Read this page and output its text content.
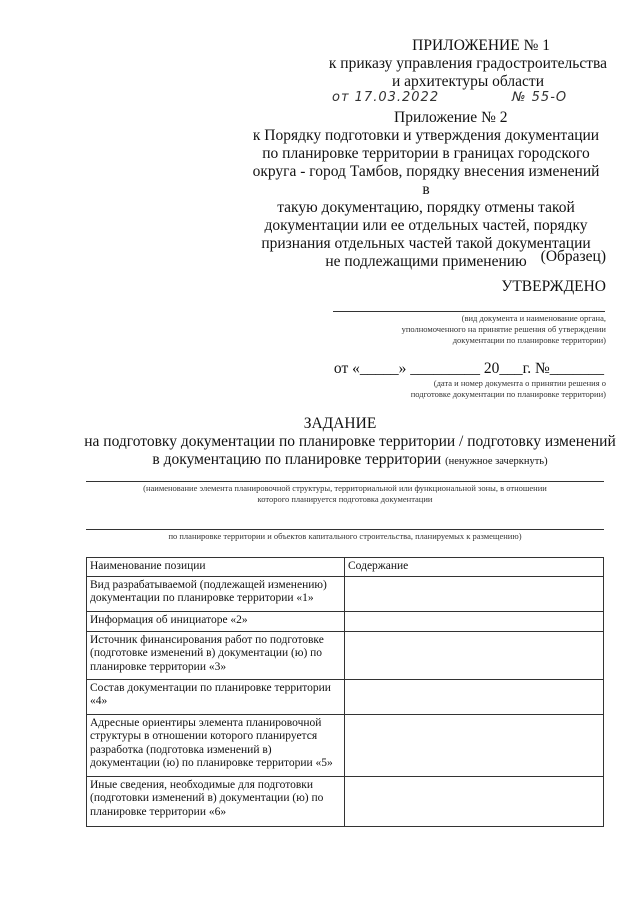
ПРИЛОЖЕНИЕ № 1
к приказу управления градостроительства
и архитектуры области
от 17.03.2022	№ 55-О
Приложение № 2
к Порядку подготовки и утверждения документации
по планировке территории в границах городского
округа - город Тамбов, порядку внесения изменений в
такую документацию, порядку отмены такой
документации или ее отдельных частей, порядку
признания отдельных частей такой документации
не подлежащими применению (Образец)
УТВЕРЖДЕНО
(вид документа и наименование органа,
уполномоченного на принятие решения об утверждении
документации по планировке территории)
от «_____» _________ 20___г. №_______
(дата и номер документа о принятии решения о
подготовке документации по планировке территории)
ЗАДАНИЕ
на подготовку документации по планировке территории / подготовку изменений
в документацию по планировке территории (ненужное зачеркнуть)
(наименование элемента планировочной структуры, территориальной или функциональной зоны, в отношении
которого планируется подготовка документации
по планировке территории и объектов капитального строительства, планируемых к размещению)
Наименование позиции	Содержание
Вид разрабатываемой (подлежащей изменению) документации по планировке территории «1»	
Информация об инициаторе «2»	
Источник финансирования работ по подготовке (подготовке изменений в) документации (ю) по планировке территории «3»	
Состав документации по планировке территории «4»	
Адресные ориентиры элемента планировочной структуры в отношении которого планируется разработка (подготовка изменений в) документации (ю) по планировке территории «5»	
Иные сведения, необходимые для подготовки (подготовки изменений в) документации (ю) по планировке территории «6»	
